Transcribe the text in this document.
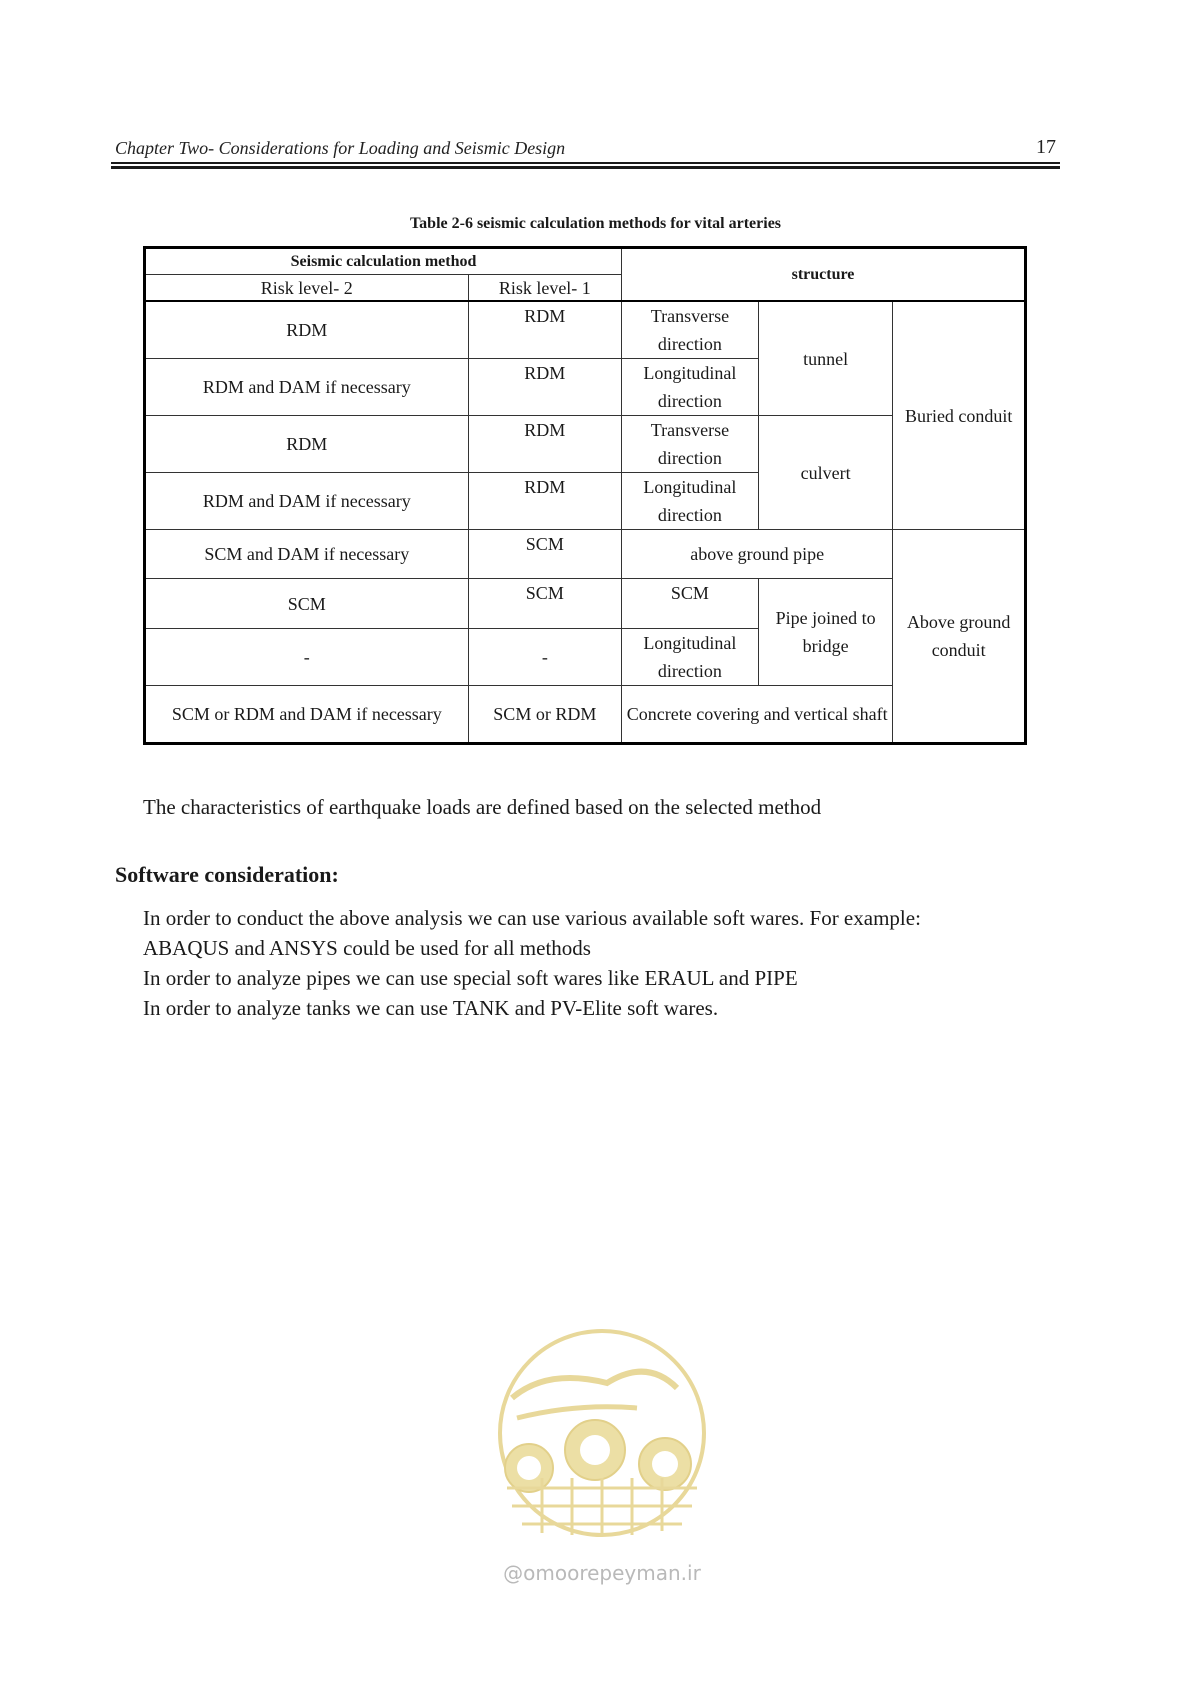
Chapter Two- Considerations for Loading and Seismic Design	17
Table 2-6 seismic calculation methods for vital arteries
Seismic calculation method		structure		
Risk level- 2	Risk level- 1			
RDM	RDM	Transverse direction	tunnel	Buried conduit
RDM and DAM if necessary	RDM	Longitudinal direction		
RDM	RDM	Transverse direction	culvert	
RDM and DAM if necessary	RDM	Longitudinal direction		
SCM and DAM if necessary	SCM	above ground pipe		Above ground conduit
SCM	SCM	SCM	Pipe joined to bridge	
-	-	Longitudinal direction		
SCM or RDM and DAM if necessary	SCM or RDM	Concrete covering and vertical shaft		
The characteristics of earthquake loads are defined based on the selected method
Software consideration:
In order to conduct the above analysis we can use various available soft wares. For example:
ABAQUS and ANSYS could be used for all methods
In order to analyze pipes we can use special soft wares like ERAUL and PIPE
In order to analyze tanks we can use TANK and PV-Elite soft wares.
@omoorepeyman.ir
